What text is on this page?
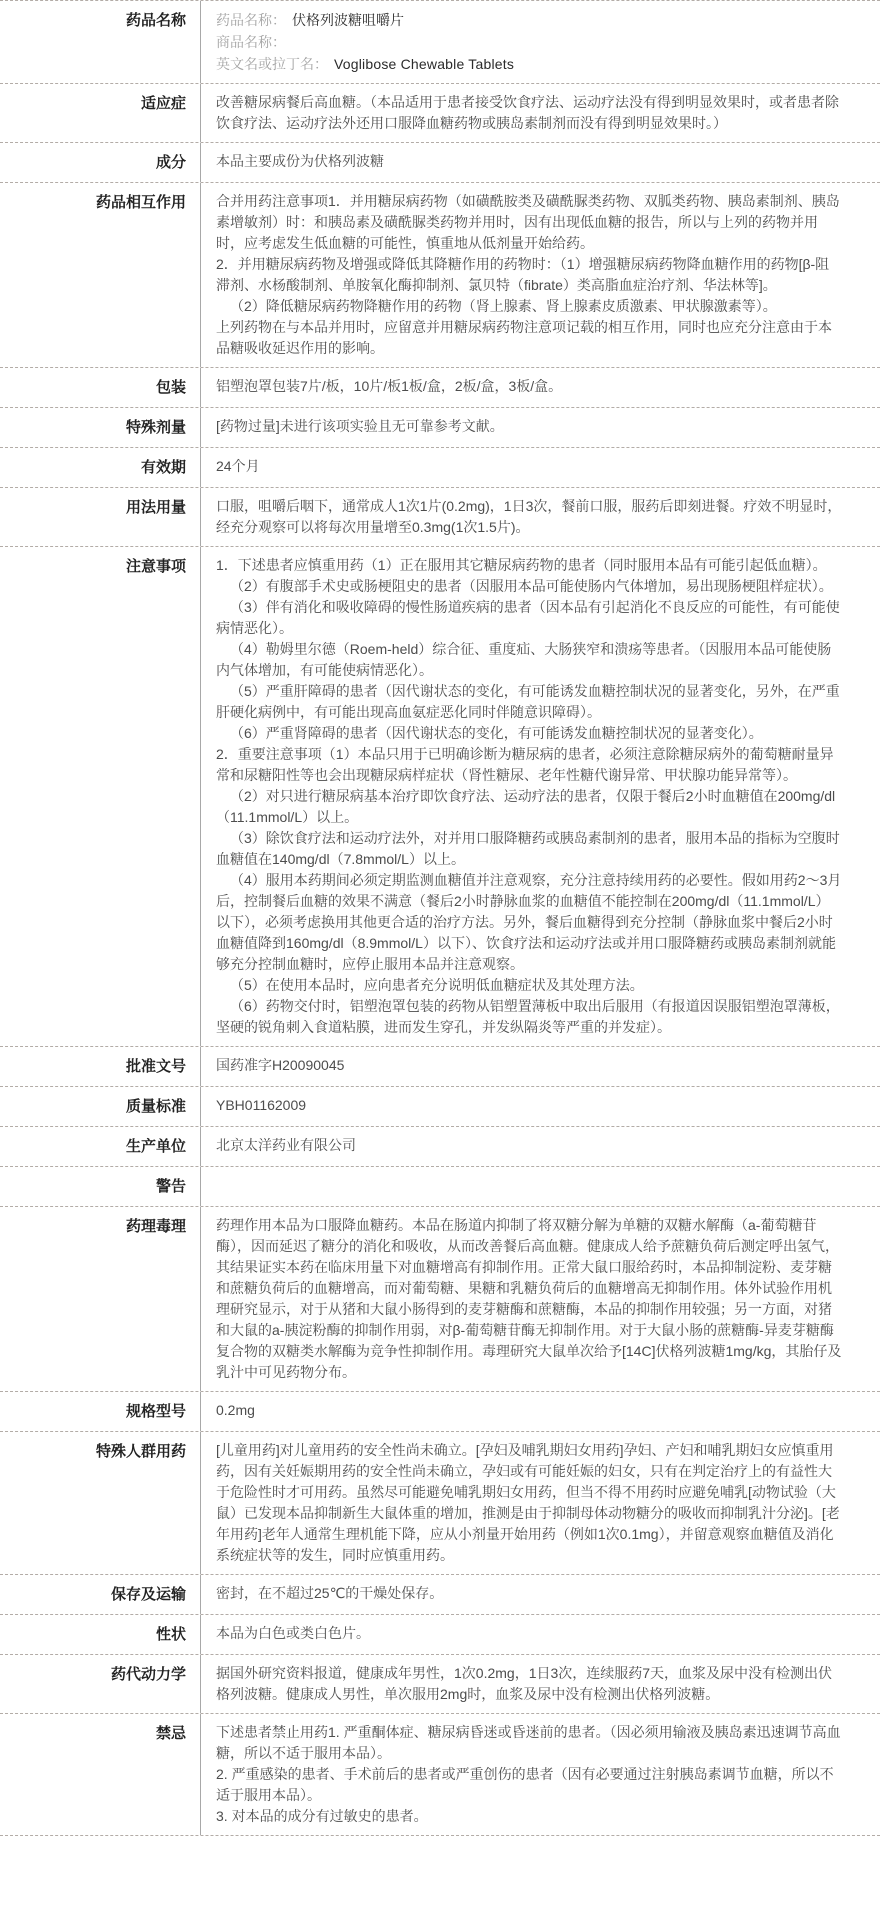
药品名称	药品名称： 伏格列波糖咀嚼片
商品名称：
英文名或拉丁名： Voglibose Chewable Tablets
适应症	改善糖尿病餐后高血糖。（本品适用于患者接受饮食疗法、运动疗法没有得到明显效果时，或者患者除饮食疗法、运动疗法外还用口服降血糖药物或胰岛素制剂而没有得到明显效果时。）

成分	本品主要成份为伏格列波糖

药品相互作用	合并用药注意事项1．并用糖尿病药物（如磺酰胺类及磺酰脲类药物、双胍类药物、胰岛素制剂、胰岛素增敏剂）时：和胰岛素及磺酰脲类药物并用时，因有出现低血糖的报告，所以与上列的药物并用时，应考虑发生低血糖的可能性，慎重地从低剂量开始给药。

2．并用糖尿病药物及增强或降低其降糖作用的药物时：（1）增强糖尿病药物降血糖作用的药物[β-阻滞剂、水杨酸制剂、单胺氧化酶抑制剂、氯贝特（fibrate）类高脂血症治疗剂、华法林等]。

（2）降低糖尿病药物降糖作用的药物（肾上腺素、肾上腺素皮质激素、甲状腺激素等）。

上列药物在与本品并用时，应留意并用糖尿病药物注意项记载的相互作用，同时也应充分注意由于本品糖吸收延迟作用的影响。

包装	铝塑泡罩包装7片/板，10片/板1板/盒，2板/盒，3板/盒。

特殊剂量	[药物过量]未进行该项实验且无可靠参考文献。

有效期	24个月

用法用量	口服，咀嚼后咽下，通常成人1次1片(0.2mg)，1日3次，餐前口服，服药后即刻进餐。疗效不明显时，经充分观察可以将每次用量增至0.3mg(1次1.5片)。

注意事项	1．下述患者应慎重用药（1）正在服用其它糖尿病药物的患者（同时服用本品有可能引起低血糖）。

（2）有腹部手术史或肠梗阻史的患者（因服用本品可能使肠内气体增加，易出现肠梗阻样症状）。

（3）伴有消化和吸收障碍的慢性肠道疾病的患者（因本品有引起消化不良反应的可能性，有可能使病情恶化）。

（4）勒姆里尔德（Roem-held）综合征、重度疝、大肠狭窄和溃疡等患者。（因服用本品可能使肠内气体增加，有可能使病情恶化）。

（5）严重肝障碍的患者（因代谢状态的变化，有可能诱发血糖控制状况的显著变化，另外，在严重肝硬化病例中，有可能出现高血氨症恶化同时伴随意识障碍）。

（6）严重肾障碍的患者（因代谢状态的变化，有可能诱发血糖控制状况的显著变化）。

2．重要注意事项（1）本品只用于已明确诊断为糖尿病的患者，必须注意除糖尿病外的葡萄糖耐量异常和尿糖阳性等也会出现糖尿病样症状（肾性糖尿、老年性糖代谢异常、甲状腺功能异常等）。

（2）对只进行糖尿病基本治疗即饮食疗法、运动疗法的患者，仅限于餐后2小时血糖值在200mg/dl（11.1mmol/L）以上。

（3）除饮食疗法和运动疗法外，对并用口服降糖药或胰岛素制剂的患者，服用本品的指标为空腹时血糖值在140mg/dl（7.8mmol/L）以上。

（4）服用本药期间必须定期监测血糖值并注意观察，充分注意持续用药的必要性。假如用药2～3月后，控制餐后血糖的效果不满意（餐后2小时静脉血浆的血糖值不能控制在200mg/dl（11.1mmol/L）以下），必须考虑换用其他更合适的治疗方法。另外，餐后血糖得到充分控制（静脉血浆中餐后2小时血糖值降到160mg/dl（8.9mmol/L）以下）、饮食疗法和运动疗法或并用口服降糖药或胰岛素制剂就能够充分控制血糖时，应停止服用本品并注意观察。

（5）在使用本品时，应向患者充分说明低血糖症状及其处理方法。

（6）药物交付时，铝塑泡罩包装的药物从铝塑置薄板中取出后服用（有报道因误服铝塑泡罩薄板，坚硬的锐角刺入食道粘膜，进而发生穿孔，并发纵隔炎等严重的并发症）。

批准文号	国药准字H20090045

质量标准	YBH01162009

生产单位	北京太洋药业有限公司

警告
药理毒理	药理作用本品为口服降血糖药。本品在肠道内抑制了将双糖分解为单糖的双糖水解酶（a-葡萄糖苷酶），因而延迟了糖分的消化和吸收，从而改善餐后高血糖。健康成人给予蔗糖负荷后测定呼出氢气，其结果证实本药在临床用量下对血糖增高有抑制作用。正常大鼠口服给药时，本品抑制淀粉、麦芽糖和蔗糖负荷后的血糖增高，而对葡萄糖、果糖和乳糖负荷后的血糖增高无抑制作用。体外试验作用机理研究显示，对于从猪和大鼠小肠得到的麦芽糖酶和蔗糖酶，本品的抑制作用较强；另一方面，对猪和大鼠的a-胰淀粉酶的抑制作用弱，对β-葡萄糖苷酶无抑制作用。对于大鼠小肠的蔗糖酶-异麦芽糖酶复合物的双糖类水解酶为竞争性抑制作用。毒理研究大鼠单次给予[14C]伏格列波糖1mg/kg，其胎仔及乳汁中可见药物分布。

规格型号	0.2mg

特殊人群用药	[儿童用药]对儿童用药的安全性尚未确立。[孕妇及哺乳期妇女用药]孕妇、产妇和哺乳期妇女应慎重用药，因有关妊娠期用药的安全性尚未确立，孕妇或有可能妊娠的妇女，只有在判定治疗上的有益性大于危险性时才可用药。虽然尽可能避免哺乳期妇女用药，但当不得不用药时应避免哺乳[动物试验（大鼠）已发现本品抑制新生大鼠体重的增加，推测是由于抑制母体动物糖分的吸收而抑制乳汁分泌]。[老年用药]老年人通常生理机能下降，应从小剂量开始用药（例如1次0.1mg），并留意观察血糖值及消化系统症状等的发生，同时应慎重用药。

保存及运输	密封，在不超过25℃的干燥处保存。

性状	本品为白色或类白色片。

药代动力学	据国外研究资料报道，健康成年男性，1次0.2mg，1日3次，连续服药7天，血浆及尿中没有检测出伏格列波糖。健康成人男性，单次服用2mg时，血浆及尿中没有检测出伏格列波糖。

禁忌	下述患者禁止用药1. 严重酮体症、糖尿病昏迷或昏迷前的患者。（因必须用输液及胰岛素迅速调节高血糖，所以不适于服用本品）。

2. 严重感染的患者、手术前后的患者或严重创伤的患者（因有必要通过注射胰岛素调节血糖，所以不适于服用本品）。

3. 对本品的成分有过敏史的患者。
